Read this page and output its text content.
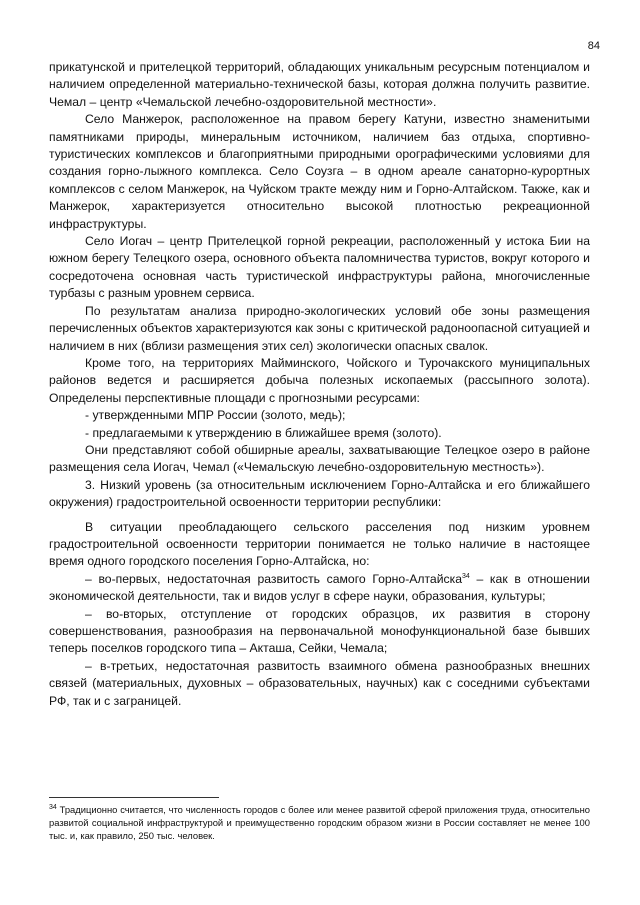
84

прикатунской и прителецкой территорий, обладающих уникальным ресурсным потенциалом и наличием определенной материально-технической базы, которая должна получить развитие. Чемал – центр «Чемальской лечебно-оздоровительной местности».

Село Манжерок, расположенное на правом берегу Катуни, известно знаменитыми памятниками природы, минеральным источником, наличием баз отдыха, спортивно-туристических комплексов и благоприятными природными орографическими условиями для создания горно-лыжного комплекса. Село Соузга – в одном ареале санаторно-курортных комплексов с селом Манжерок, на Чуйском тракте между ним и Горно-Алтайском. Также, как и Манжерок, характеризуется относительно высокой плотностью рекреационной инфраструктуры.

Село Иогач – центр Прителецкой горной рекреации, расположенный у истока Бии на южном берегу Телецкого озера, основного объекта паломничества туристов, вокруг которого и сосредоточена основная часть туристической инфраструктуры района, многочисленные турбазы с разным уровнем сервиса.

По результатам анализа природно-экологических условий обе зоны размещения перечисленных объектов характеризуются как зоны с критической радоноопасной ситуацией и наличием в них (вблизи размещения этих сел) экологически опасных свалок.

Кроме того, на территориях Майминского, Чойского и Турочакского муниципальных районов ведется и расширяется добыча полезных ископаемых (рассыпного золота). Определены перспективные площади с прогнозными ресурсами:

- утвержденными МПР России (золото, медь);

- предлагаемыми к утверждению в ближайшее время (золото).

Они представляют собой обширные ареалы, захватывающие Телецкое озеро в районе размещения села Иогач, Чемал («Чемальскую лечебно-оздоровительную местность»).

3. Низкий уровень (за относительным исключением Горно-Алтайска и его ближайшего окружения) градостроительной освоенности территории республики:

В ситуации преобладающего сельского расселения под низким уровнем градостроительной освоенности территории понимается не только наличие в настоящее время одного городского поселения Горно-Алтайска, но:

– во-первых, недостаточная развитость самого Горно-Алтайска$^{34}$ – как в отношении экономической деятельности, так и видов услуг в сфере науки, образования, культуры;

– во-вторых, отступление от городских образцов, их развития в сторону совершенствования, разнообразия на первоначальной монофункциональной базе бывших теперь поселков городского типа – Акташа, Сейки, Чемала;

– в-третьих, недостаточная развитость взаимного обмена разнообразных внешних связей (материальных, духовных – образовательных, научных) как с соседними субъектами РФ, так и с заграницей.

$^{34}$ Традиционно считается, что численность городов с более или менее развитой сферой приложения труда, относительно развитой социальной инфраструктурой и преимущественно городским образом жизни в России составляет не менее 100 тыс. и, как правило, 250 тыс. человек.
